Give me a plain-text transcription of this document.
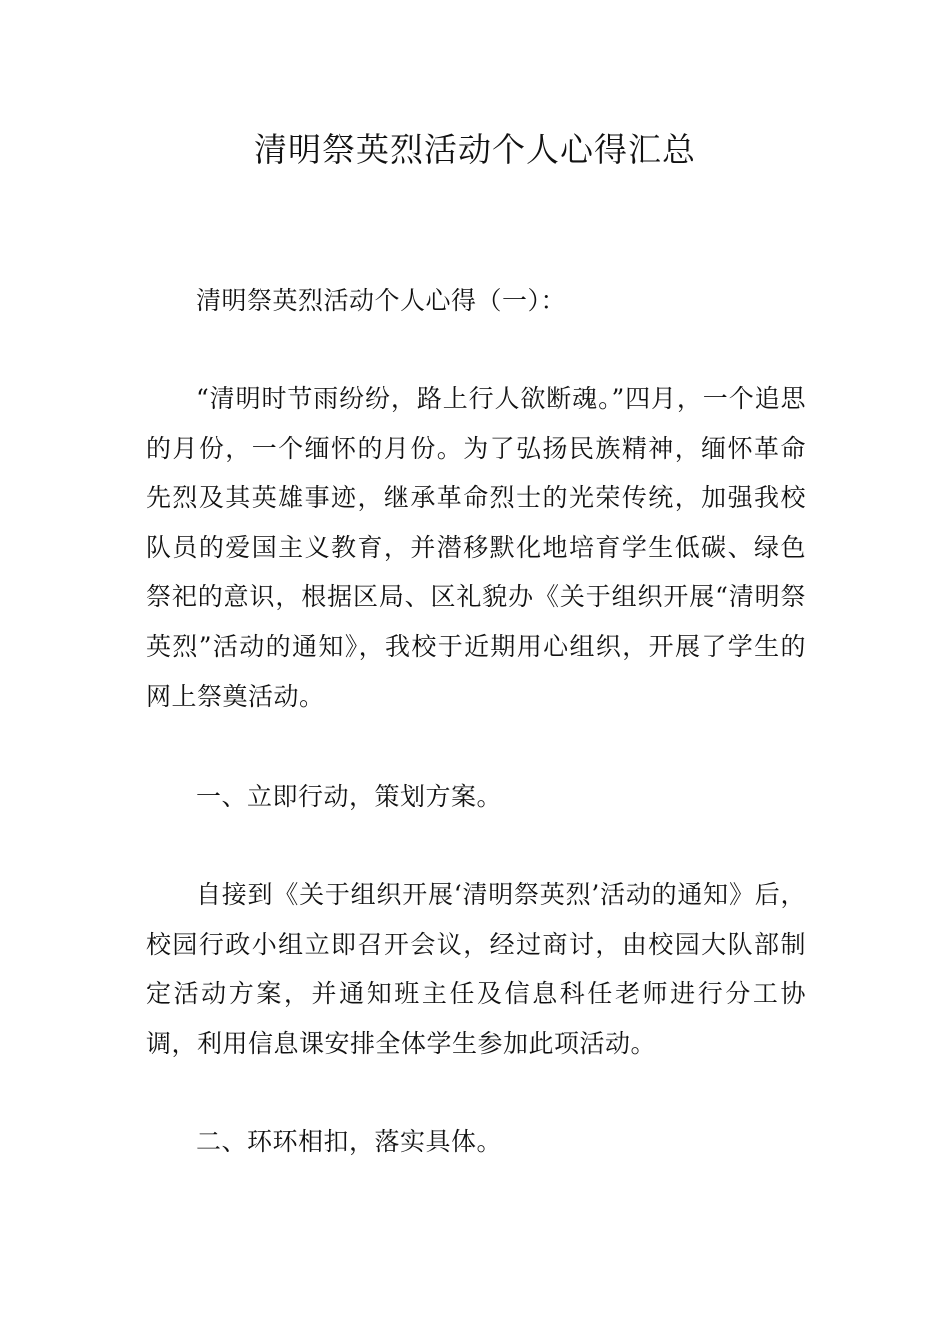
清明祭英烈活动个人心得汇总

清明祭英烈活动个人心得（一）：

“清明时节雨纷纷，路上行人欲断魂。”四月，一个追思的月份，一个缅怀的月份。为了弘扬民族精神，缅怀革命先烈及其英雄事迹，继承革命烈士的光荣传统，加强我校队员的爱国主义教育，并潜移默化地培育学生低碳、绿色祭祀的意识，根据区局、区礼貌办《关于组织开展“清明祭英烈”活动的通知》，我校于近期用心组织，开展了学生的网上祭奠活动。

一、立即行动，策划方案。

自接到《关于组织开展‘清明祭英烈’活动的通知》后，校园行政小组立即召开会议，经过商讨，由校园大队部制定活动方案，并通知班主任及信息科任老师进行分工协调，利用信息课安排全体学生参加此项活动。

二、环环相扣，落实具体。
